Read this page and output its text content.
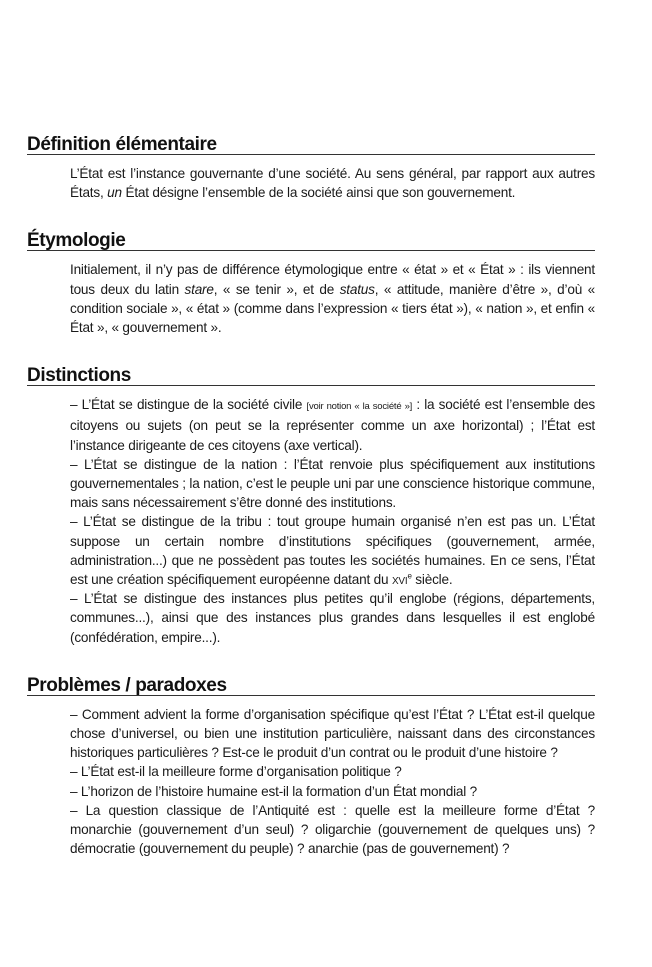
Définition élémentaire

L’État est l’instance gouvernante d’une société. Au sens général, par rapport aux autres États, un État désigne l’ensemble de la société ainsi que son gouvernement.

Étymologie

Initialement, il n’y pas de différence étymologique entre « état » et « État » : ils viennent tous deux du latin stare, « se tenir », et de status, « attitude, manière d’être », d’où « condition sociale », « état » (comme dans l’expression « tiers état »), « nation », et enfin « État », « gouvernement ».

Distinctions

– L’État se distingue de la société civile [voir notion « la société »] : la société est l’ensemble des citoyens ou sujets (on peut se la représenter comme un axe horizontal) ; l’État est l’instance dirigeante de ces citoyens (axe vertical).

– L’État se distingue de la nation : l’État renvoie plus spécifiquement aux institutions gouvernementales ; la nation, c’est le peuple uni par une conscience historique commune, mais sans nécessairement s’être donné des institutions.

– L’État se distingue de la tribu : tout groupe humain organisé n’en est pas un. L’État suppose un certain nombre d’institutions spécifiques (gouvernement, armée, administration...) que ne possèdent pas toutes les sociétés humaines. En ce sens, l’État est une création spécifiquement européenne datant du xvi$^e$ siècle.

– L’État se distingue des instances plus petites qu’il englobe (régions, départements, communes...), ainsi que des instances plus grandes dans lesquelles il est englobé (confédération, empire...).

Problèmes / paradoxes

– Comment advient la forme d’organisation spécifique qu’est l’État ? L’État est-il quelque chose d’universel, ou bien une institution particulière, naissant dans des circonstances historiques particulières ? Est-ce le produit d’un contrat ou le produit d’une histoire ?

– L’État est-il la meilleure forme d’organisation politique ?

– L’horizon de l’histoire humaine est-il la formation d’un État mondial ?

– La question classique de l’Antiquité est : quelle est la meilleure forme d’État ? monarchie (gouvernement d’un seul) ? oligarchie (gouvernement de quelques uns) ? démocratie (gouvernement du peuple) ? anarchie (pas de gouvernement) ?
